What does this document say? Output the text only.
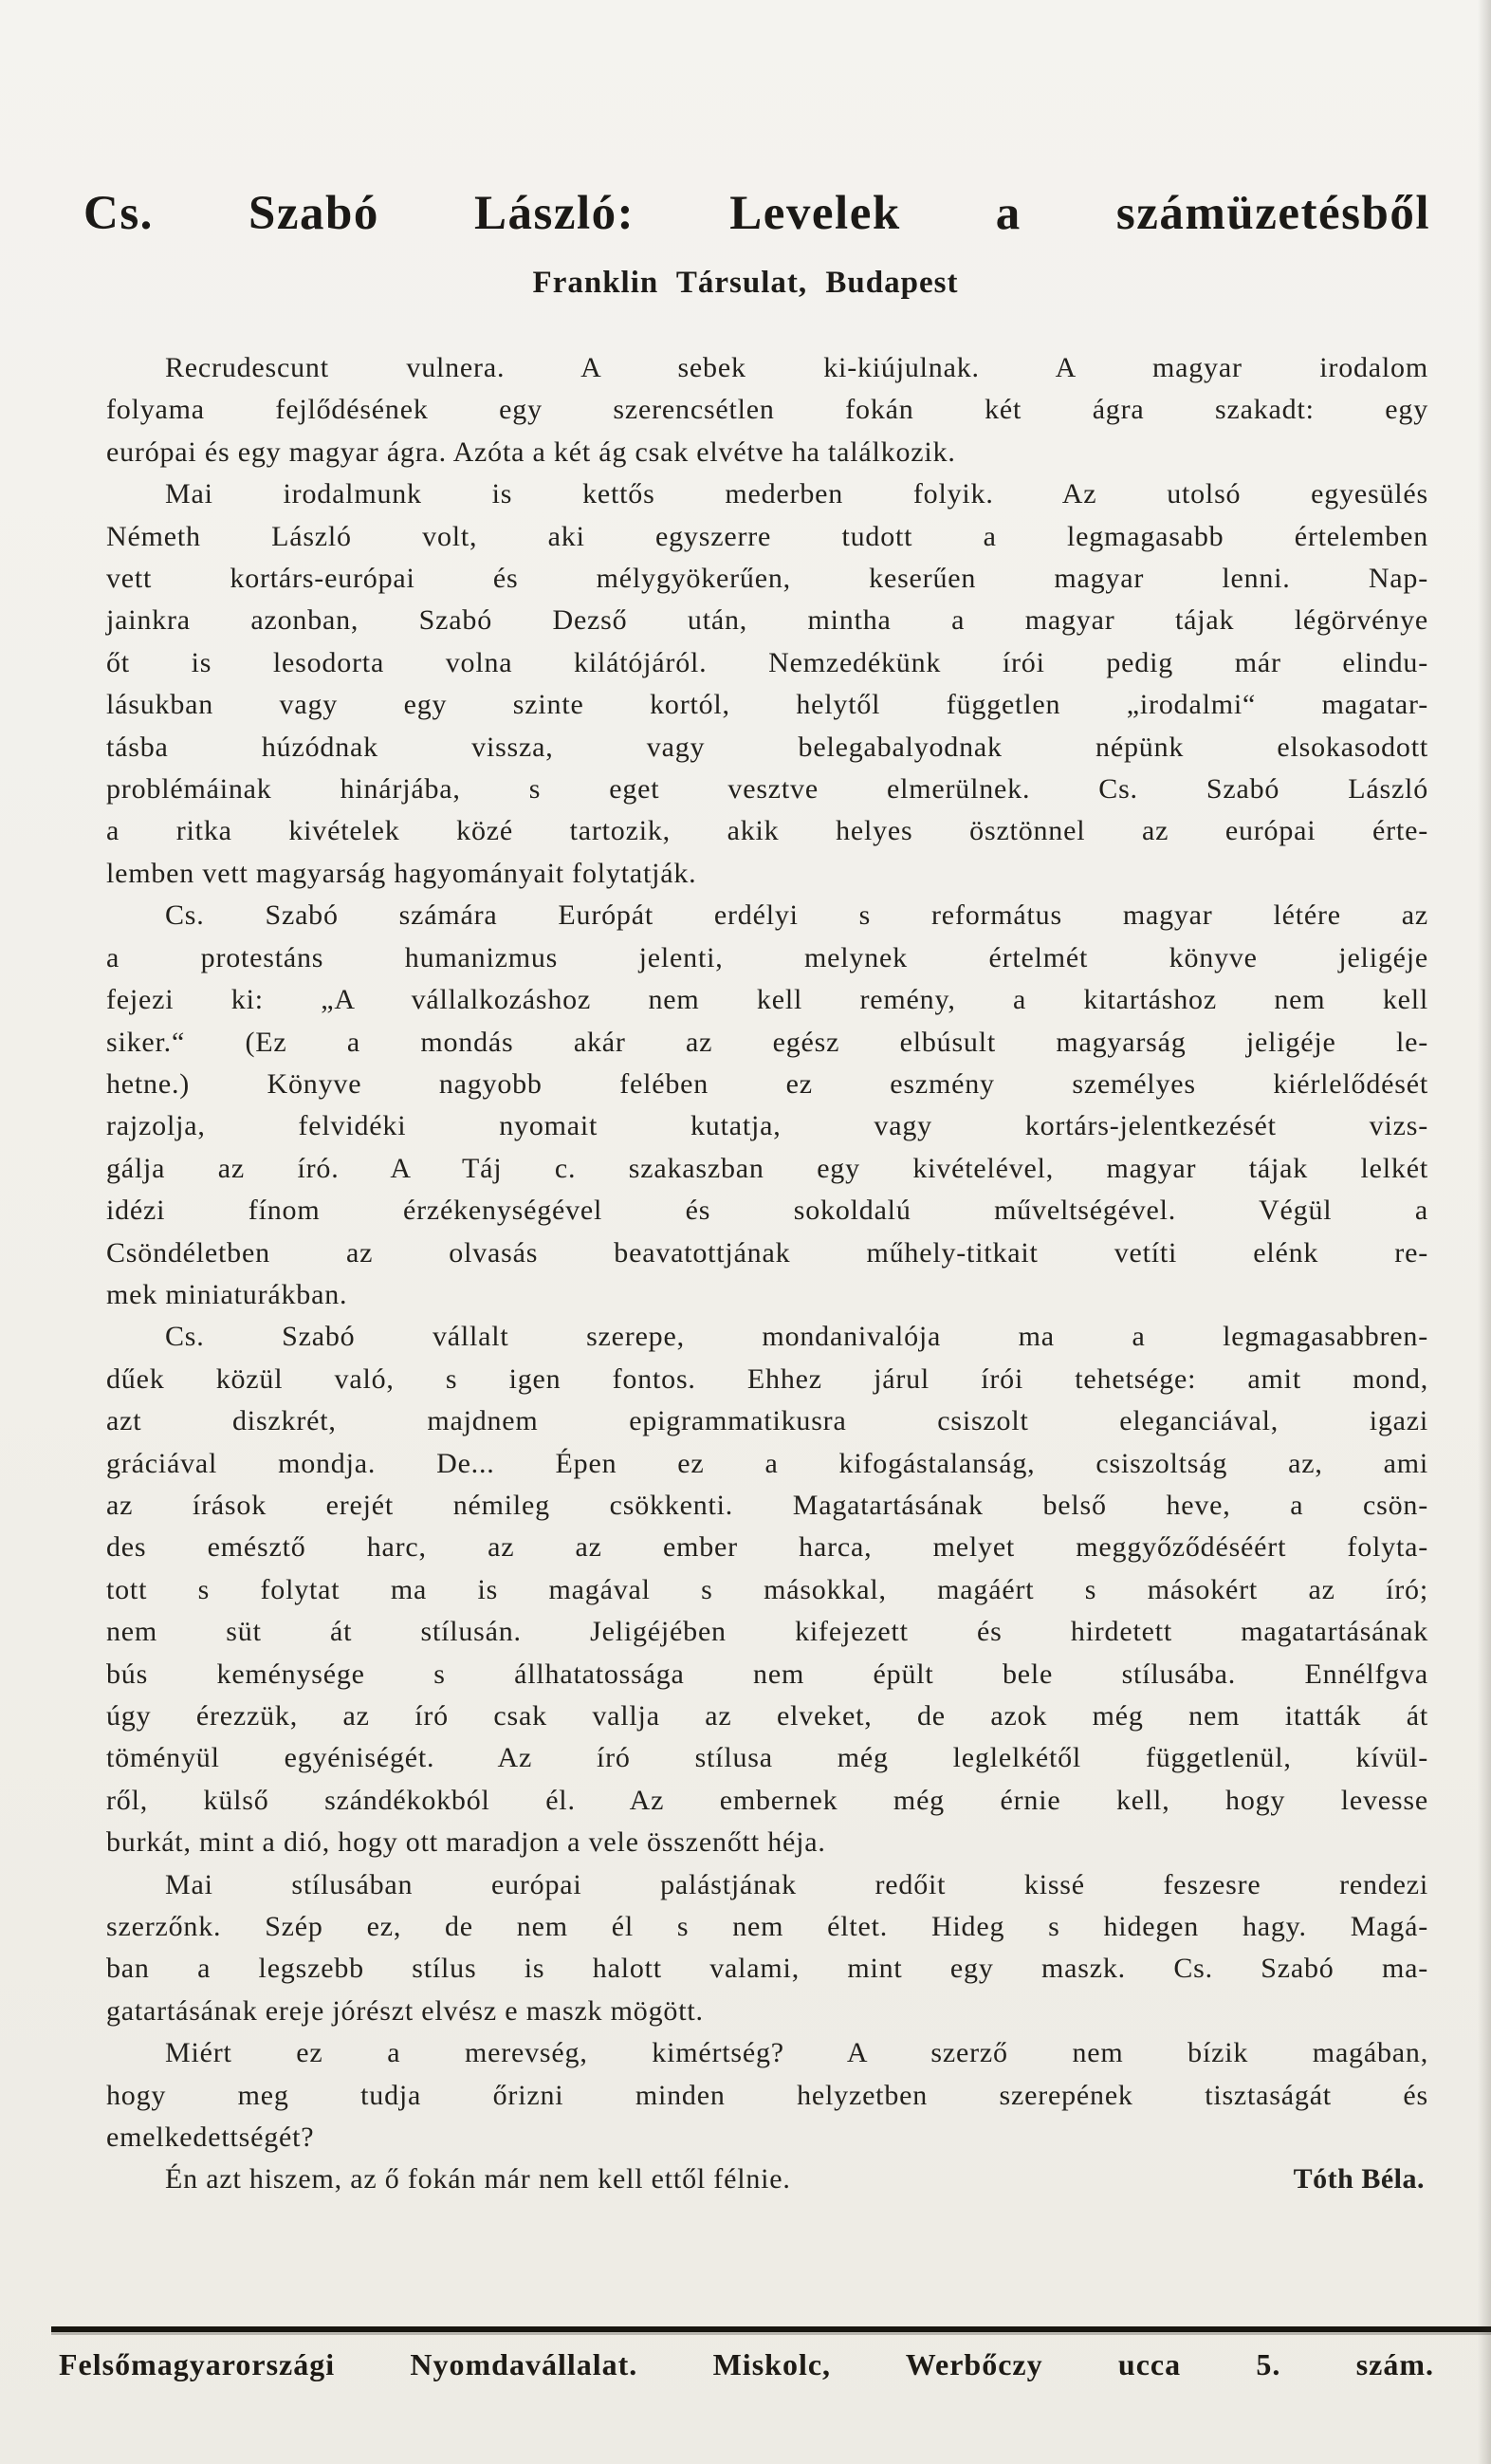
Cs. Szabó László: Levelek a számüzetésből
Franklin Társulat, Budapest
Recrudescunt vulnera. A sebek ki-kiújulnak. A magyar irodalom
folyama fejlődésének egy szerencsétlen fokán két ágra szakadt: egy
európai és egy magyar ágra. Azóta a két ág csak elvétve ha találkozik.
Mai irodalmunk is kettős mederben folyik. Az utolsó egyesülés
Németh László volt, aki egyszerre tudott a legmagasabb értelemben
vett kortárs-európai és mélygyökerűen, keserűen magyar lenni. Nap-
jainkra azonban, Szabó Dezső után, mintha a magyar tájak légörvénye
őt is lesodorta volna kilátójáról. Nemzedékünk írói pedig már elindu-
lásukban vagy egy szinte kortól, helytől független „irodalmi“ magatar-
tásba húzódnak vissza, vagy belegabalyodnak népünk elsokasodott
problémáinak hinárjába, s eget vesztve elmerülnek. Cs. Szabó László
a ritka kivételek közé tartozik, akik helyes ösztönnel az európai érte-
lemben vett magyarság hagyományait folytatják.
Cs. Szabó számára Európát erdélyi s református magyar létére az
a protestáns humanizmus jelenti, melynek értelmét könyve jeligéje
fejezi ki: „A vállalkozáshoz nem kell remény, a kitartáshoz nem kell
siker.“ (Ez a mondás akár az egész elbúsult magyarság jeligéje le-
hetne.) Könyve nagyobb felében ez eszmény személyes kiérlelődését
rajzolja, felvidéki nyomait kutatja, vagy kortárs-jelentkezését vizs-
gálja az író. A Táj c. szakaszban egy kivételével, magyar tájak lelkét
idézi fínom érzékenységével és sokoldalú műveltségével. Végül a
Csöndéletben az olvasás beavatottjának műhely-titkait vetíti elénk re-
mek miniaturákban.
Cs. Szabó vállalt szerepe, mondanivalója ma a legmagasabbren-
dűek közül való, s igen fontos. Ehhez járul írói tehetsége: amit mond,
azt diszkrét, majdnem epigrammatikusra csiszolt eleganciával, igazi
gráciával mondja. De... Épen ez a kifogástalanság, csiszoltság az, ami
az írások erejét némileg csökkenti. Magatartásának belső heve, a csön-
des emésztő harc, az az ember harca, melyet meggyőződéséért folyta-
tott s folytat ma is magával s másokkal, magáért s másokért az író;
nem süt át stílusán. Jeligéjében kifejezett és hirdetett magatartásának
bús keménysége s állhatatossága nem épült bele stílusába. Ennélfgva
úgy érezzük, az író csak vallja az elveket, de azok még nem itatták át
töményül egyéniségét. Az író stílusa még leglelkétől függetlenül, kívül-
ről, külső szándékokból él. Az embernek még érnie kell, hogy levesse
burkát, mint a dió, hogy ott maradjon a vele összenőtt héja.
Mai stílusában európai palástjának redőit kissé feszesre rendezi
szerzőnk. Szép ez, de nem él s nem éltet. Hideg s hidegen hagy. Magá-
ban a legszebb stílus is halott valami, mint egy maszk. Cs. Szabó ma-
gatartásának ereje jórészt elvész e maszk mögött.
Miért ez a merevség, kimértség? A szerző nem bízik magában,
hogy meg tudja őrizni minden helyzetben szerepének tisztaságát és
emelkedettségét?
Én azt hiszem, az ő fokán már nem kell ettől félnie.	Tóth Béla.
Felsőmagyarországi Nyomdavállalat. Miskolc, Werbőczy ucca 5. szám.
